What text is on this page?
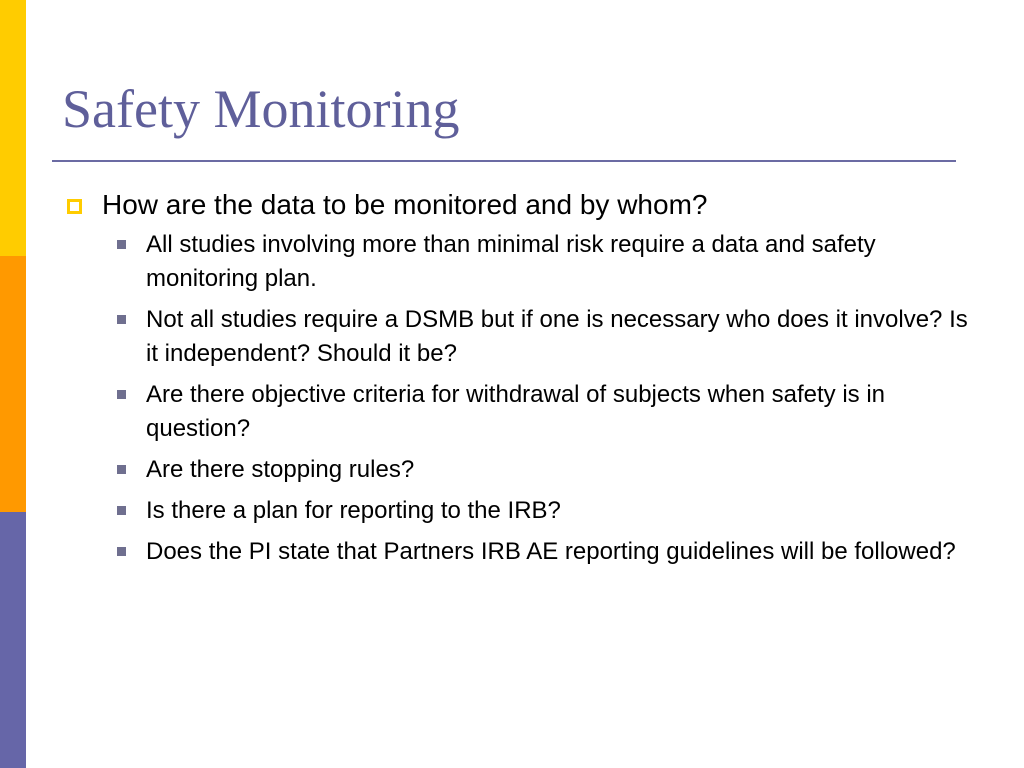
Safety Monitoring
How are the data to be monitored and by whom?
All studies involving more than minimal risk require a data and safety monitoring plan.
Not all studies require a DSMB but if one is necessary who does it involve? Is it independent? Should it be?
Are there objective criteria for withdrawal of subjects when safety is in question?
Are there stopping rules?
Is there a plan for reporting to the IRB?
Does the PI state that Partners IRB AE reporting guidelines will be followed?
